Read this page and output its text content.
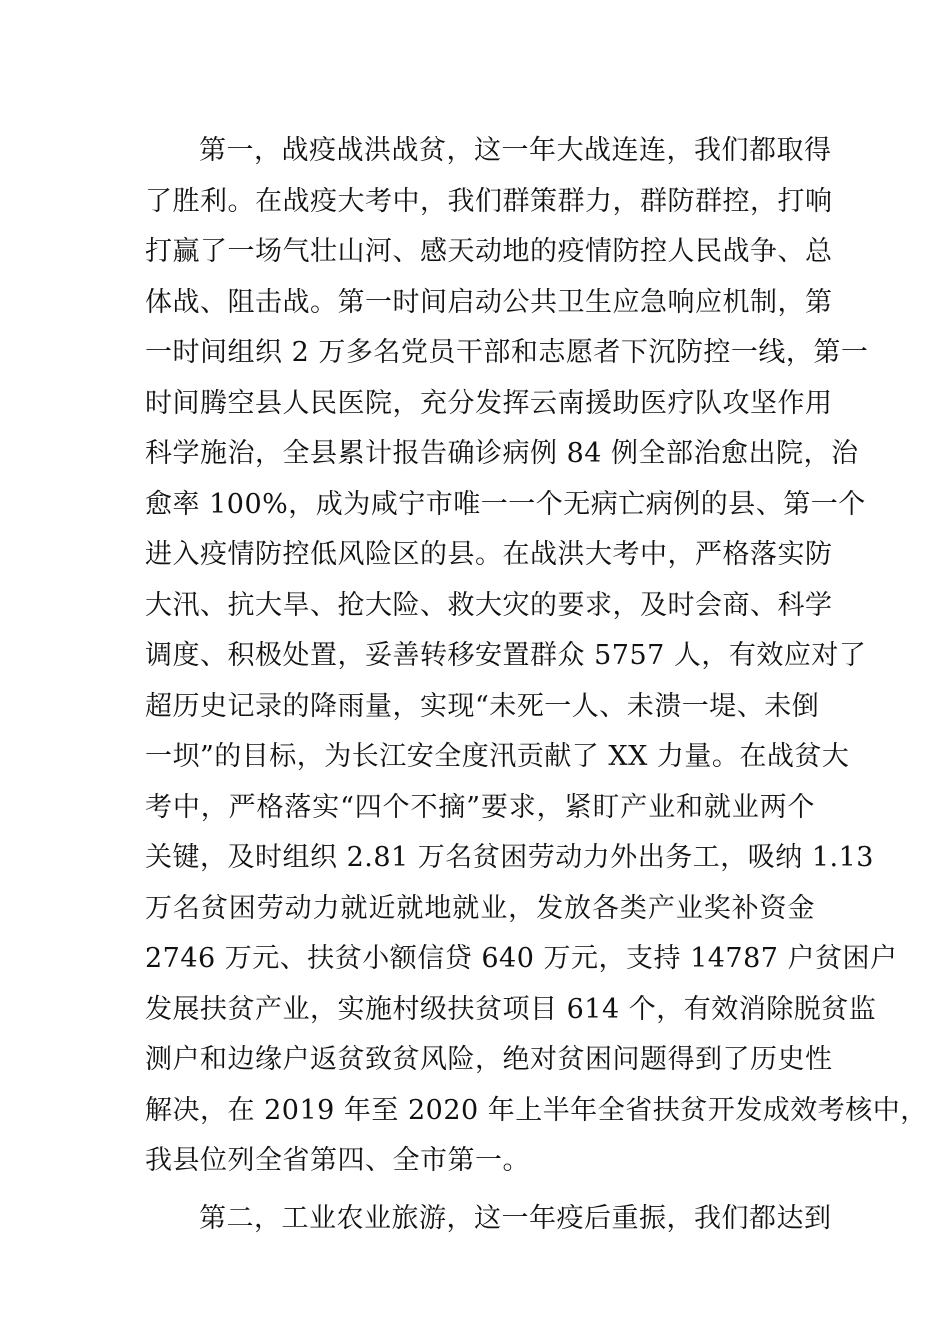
第一，战疫战洪战贫，这一年大战连连，我们都取得
了胜利。在战疫大考中，我们群策群力，群防群控，打响
打赢了一场气壮山河、感天动地的疫情防控人民战争、总
体战、阻击战。第一时间启动公共卫生应急响应机制，第
一时间组织 2 万多名党员干部和志愿者下沉防控一线，第一
时间腾空县人民医院，充分发挥云南援助医疗队攻坚作用
科学施治，全县累计报告确诊病例 84 例全部治愈出院，治
愈率 100%，成为咸宁市唯一一个无病亡病例的县、第一个
进入疫情防控低风险区的县。在战洪大考中，严格落实防
大汛、抗大旱、抢大险、救大灾的要求，及时会商、科学
调度、积极处置，妥善转移安置群众 5757 人，有效应对了
超历史记录的降雨量，实现“未死一人、未溃一堤、未倒
一坝”的目标，为长江安全度汛贡献了 XX 力量。在战贫大
考中，严格落实“四个不摘”要求，紧盯产业和就业两个
关键，及时组织 2.81 万名贫困劳动力外出务工，吸纳 1.13
万名贫困劳动力就近就地就业，发放各类产业奖补资金
2746 万元、扶贫小额信贷 640 万元，支持 14787 户贫困户
发展扶贫产业，实施村级扶贫项目 614 个，有效消除脱贫监
测户和边缘户返贫致贫风险，绝对贫困问题得到了历史性
解决，在 2019 年至 2020 年上半年全省扶贫开发成效考核中，
我县位列全省第四、全市第一。
第二，工业农业旅游，这一年疫后重振，我们都达到
